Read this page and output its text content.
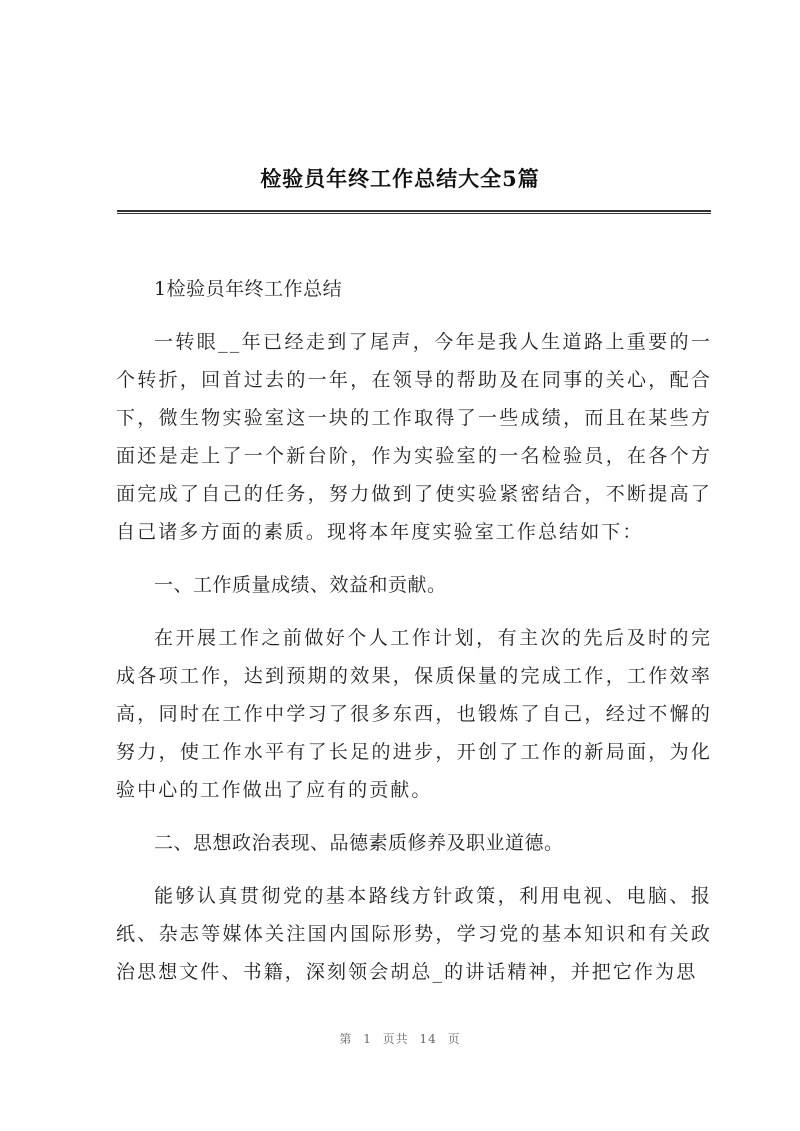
检验员年终工作总结大全5篇

1检验员年终工作总结

一转眼__年已经走到了尾声，今年是我人生道路上重要的一个转折，回首过去的一年，在领导的帮助及在同事的关心，配合下，微生物实验室这一块的工作取得了一些成绩，而且在某些方面还是走上了一个新台阶，作为实验室的一名检验员，在各个方面完成了自己的任务，努力做到了使实验紧密结合，不断提高了自己诸多方面的素质。现将本年度实验室工作总结如下：

一、工作质量成绩、效益和贡献。

在开展工作之前做好个人工作计划，有主次的先后及时的完成各项工作，达到预期的效果，保质保量的完成工作，工作效率高，同时在工作中学习了很多东西，也锻炼了自己，经过不懈的努力，使工作水平有了长足的进步，开创了工作的新局面，为化验中心的工作做出了应有的贡献。

二、思想政治表现、品德素质修养及职业道德。

能够认真贯彻党的基本路线方针政策，利用电视、电脑、报纸、杂志等媒体关注国内国际形势，学习党的基本知识和有关政治思想文件、书籍，深刻领会胡总_的讲话精神，并把它作为思

第 1 页共 14 页
